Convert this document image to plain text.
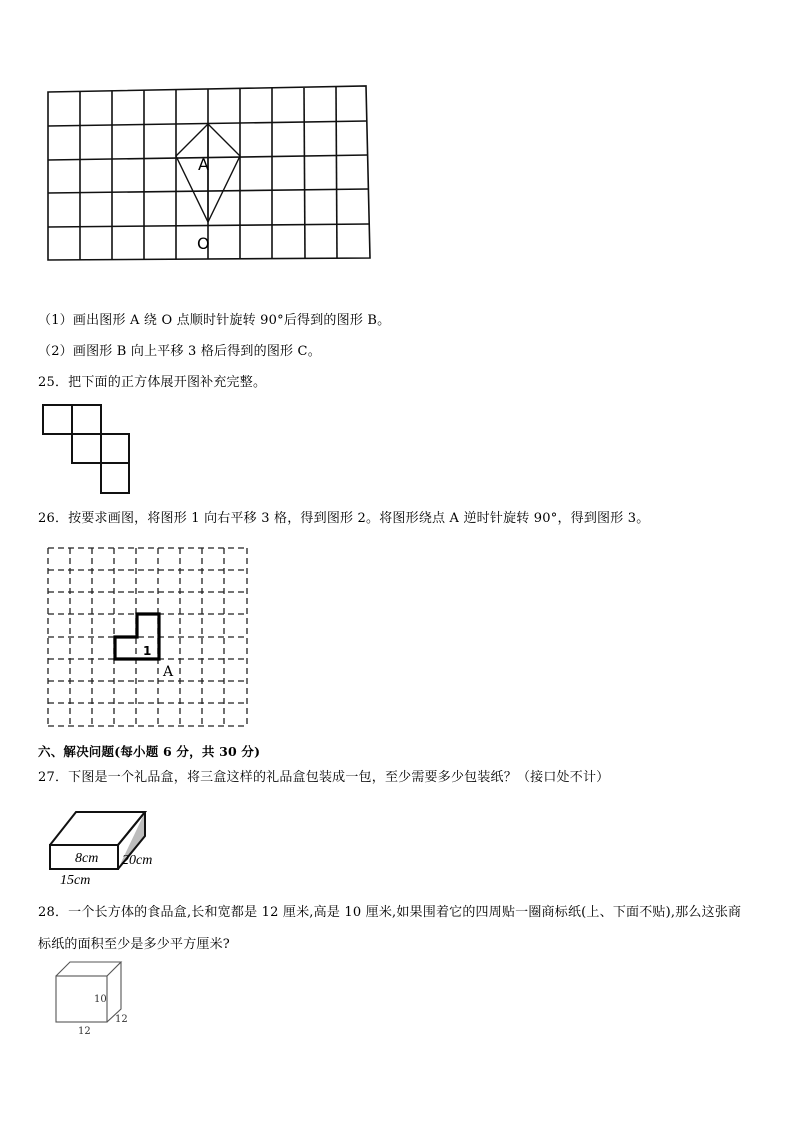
A
O
（1）画出图形 A 绕 O 点顺时针旋转 90°后得到的图形 B。
（2）画图形 B 向上平移 3 格后得到的图形 C。
25．把下面的正方体展开图补充完整。
26．按要求画图，将图形 1 向右平移 3 格，得到图形 2。将图形绕点 A 逆时针旋转 90°，得到图形 3。
1
A
六、解决问题(每小题 6 分，共 30 分)
27．下图是一个礼品盒，将三盒这样的礼品盒包装成一包，至少需要多少包装纸？（接口处不计）
8cm 20cm
15cm
28．一个长方体的食品盒,长和宽都是 12 厘米,高是 10 厘米,如果围着它的四周贴一圈商标纸(上、下面不贴),那么这张商
标纸的面积至少是多少平方厘米?
10
12
12
